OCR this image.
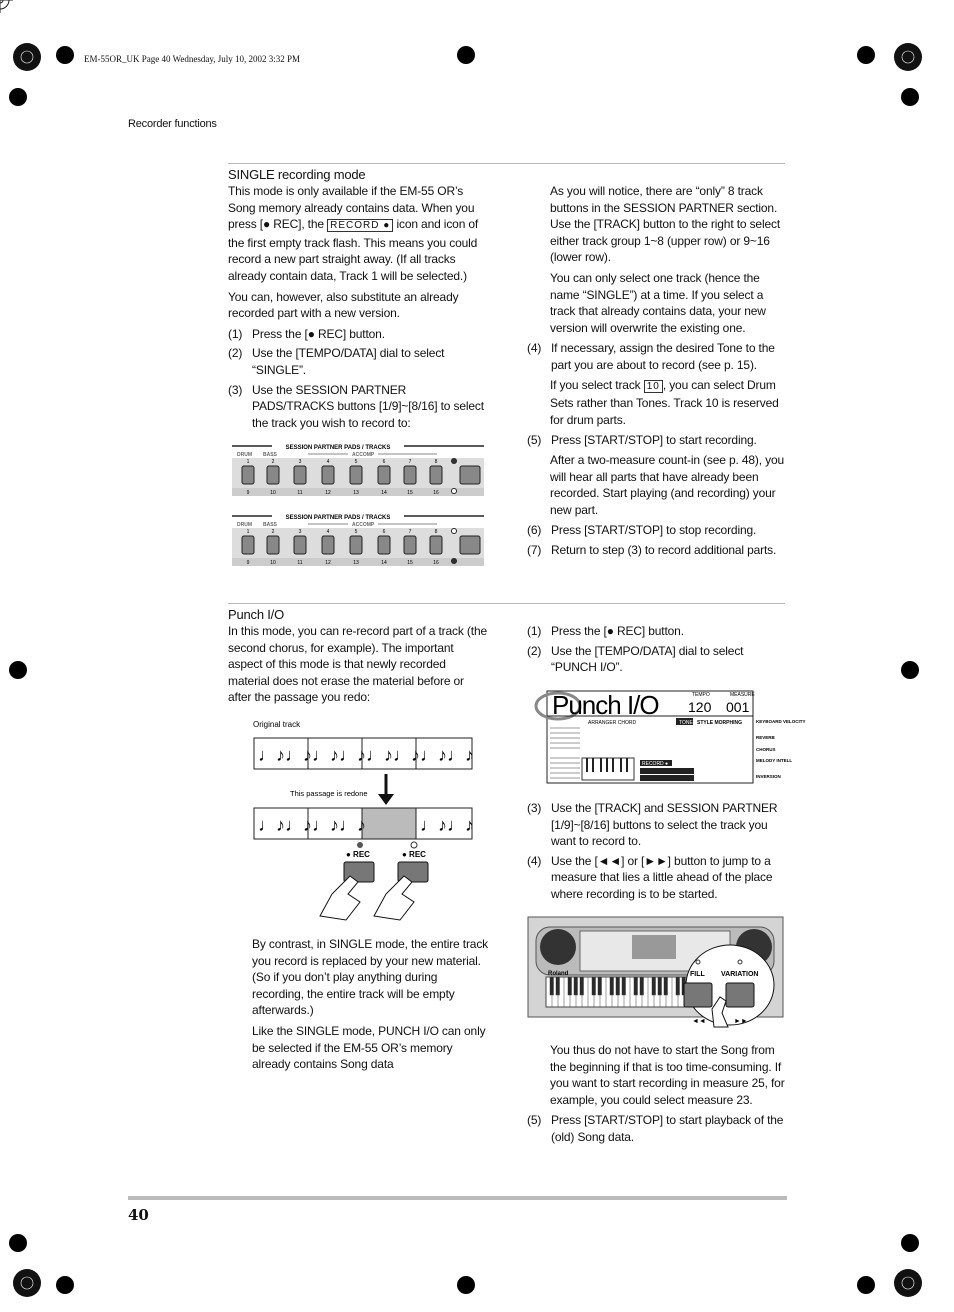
EM-55OR_UK Page 40 Wednesday, July 10, 2002 3:32 PM
Recorder functions
SINGLE recording mode

This mode is only available if the EM-55 OR’s Song memory already contains data. When you press [● REC], the RECORD ● icon and icon of the first empty track flash. This means you could record a new part straight away. (If all tracks already contain data, Track 1 will be selected.)

You can, however, also substitute an already recorded part with a new version.

(1) Press the [● REC] button.
(2) Use the [TEMPO/DATA] dial to select “SINGLE”.
(3) Use the SESSION PARTNER PADS/TRACKS buttons [1/9]~[8/16] to select the track you wish to record to:
SESSION PARTNER PADS / TRACKS
DRUM BASS	ACCOMP
SESSION PARTNER PADS / TRACKS
DRUM BASS	ACCOMP
1
9
2
10
3
11
4
12
5
13
6
14
7
15
8
16
1
9
2
10
3
11
4
12
5
13
6
14
7
15
8
16

As you will notice, there are “only” 8 track buttons in the SESSION PARTNER section. Use the [TRACK] button to the right to select either track group 1~8 (upper row) or 9~16 (lower row).

You can only select one track (hence the name “SINGLE”) at a time. If you select a track that already contains data, your new version will overwrite the existing one.

(4) If necessary, assign the desired Tone to the part you are about to record (see p. 15).

If you select track 10 , you can select Drum Sets rather than Tones. Track 10 is reserved for drum parts.

(5) Press [START/STOP] to start recording.

After a two-measure count-in (see p. 48), you will hear all parts that have already been recorded. Start playing (and recording) your new part.

(6) Press [START/STOP] to stop recording.
(7) Return to step (3) to record additional parts.
Punch I/O

In this mode, you can re-record part of a track (the second chorus, for example). The important aspect of this mode is that newly recorded material does not erase the material before or after the passage you redo:

Original track
♩♪♩♪ ♩♪♩♪ ♩♪♩♪ ♩♪♩♪
♩♪♩♪ ♩♪♩♪	♩♪♩♪
This passage is redone
● REC	● REC

By contrast, in SINGLE mode, the entire track you record is replaced by your new material. (So if you don’t play anything during recording, the entire track will be empty afterwards.)

Like the SINGLE mode, PUNCH I/O can only be selected if the EM-55 OR’s memory already contains Song data

(1) Press the [● REC] button.
(2) Use the [TEMPO/DATA] dial to select “PUNCH I/O”.
Punch I/O	TEMPO	MEASURE
120 001
ARRANGER CHORD	TONE STYLE MORPHING
RECORD ●
KEYBOARD VELOCITY
REVERB
CHORUS
MELODY INTELL
INVERSION
(3) Use the [TRACK] and SESSION PARTNER [1/9]~[8/16] buttons to select the track you want to record to.
(4) Use the [◄◄] or [►►] button to jump to a measure that lies a little ahead of the place where recording is to be started.
Roland	FILL VARIATION
◄◄	►►

You thus do not have to start the Song from the beginning if that is too time-consuming. If you want to start recording in measure 25, for example, you could select measure 23.

(5) Press [START/STOP] to start playback of the (old) Song data.
40
